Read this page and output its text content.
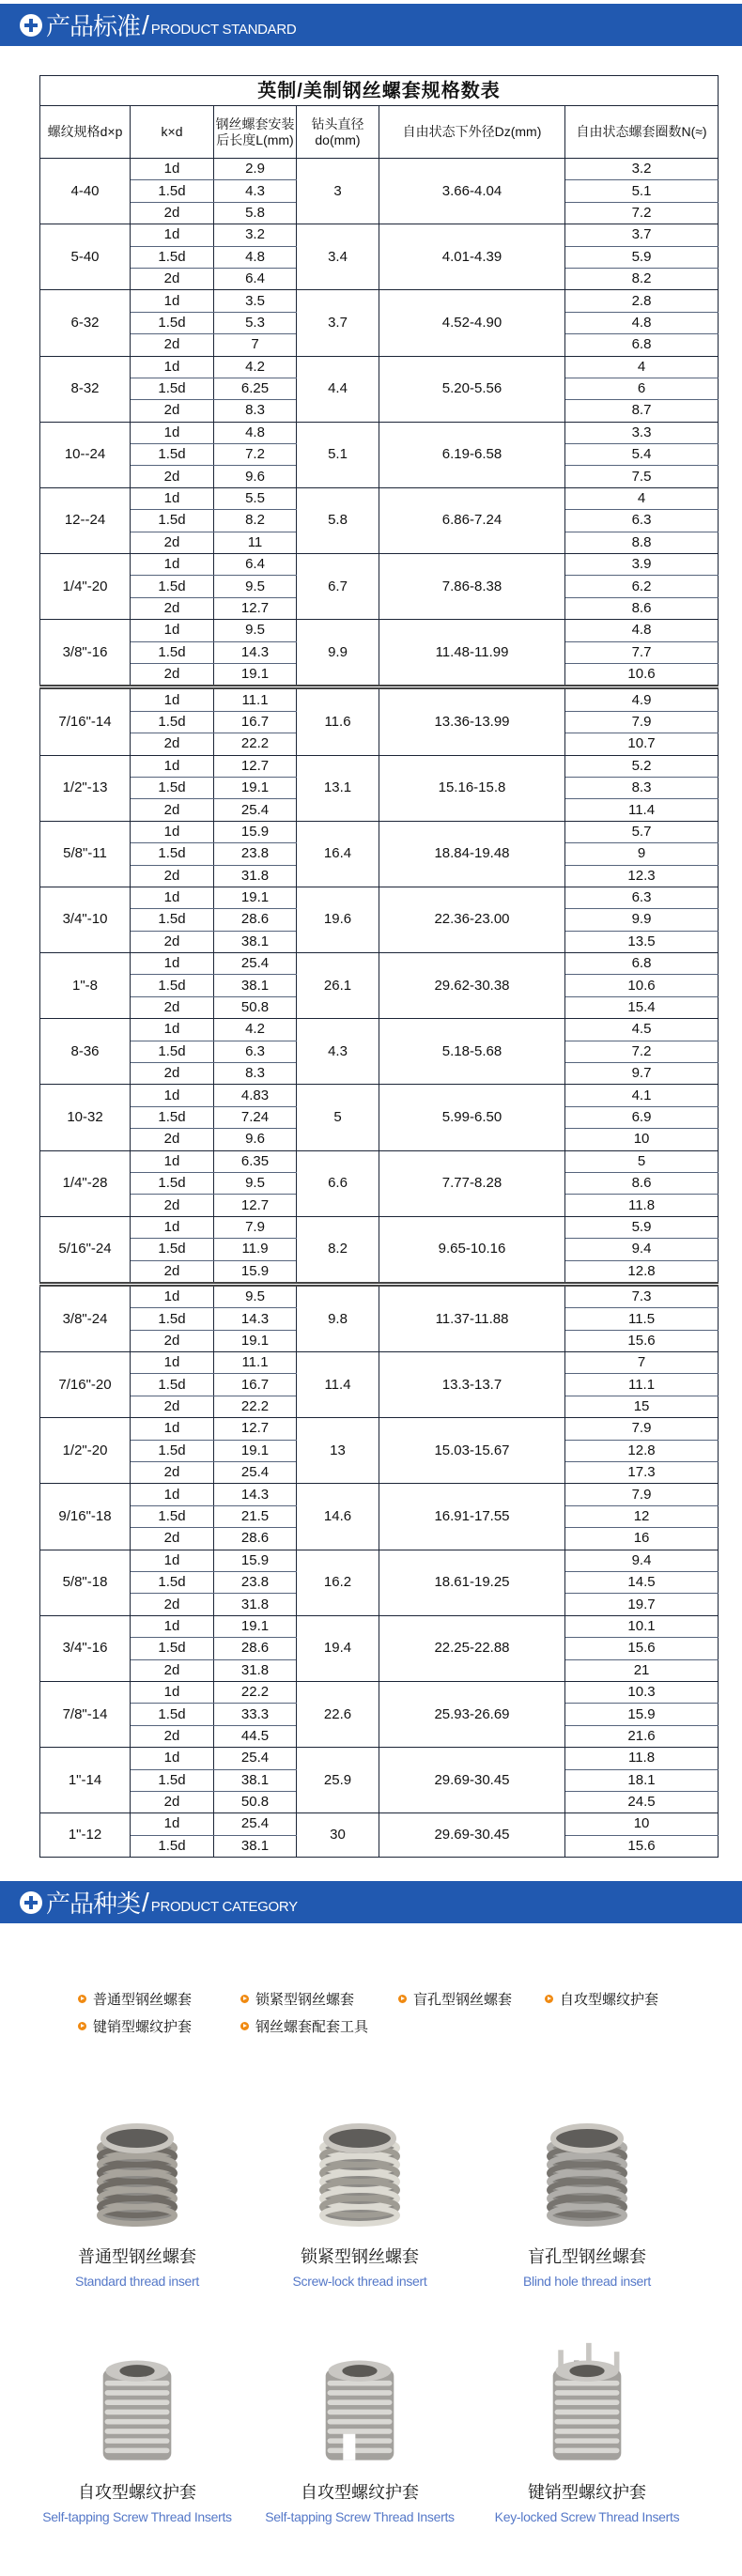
产品标准 / PRODUCT STANDARD
英制/美制钢丝螺套规格数表					
螺纹规格d×p	k×d	钢丝螺套安装后长度L(mm)	钻头直径do(mm)	自由状态下外径Dz(mm)	自由状态螺套圈数N(≈)
4-40	1d	2.9	3	3.66-4.04	3.2
	1.5d	4.3			5.1
	2d	5.8			7.2
5-40	1d	3.2	3.4	4.01-4.39	3.7
	1.5d	4.8			5.9
	2d	6.4			8.2
6-32	1d	3.5	3.7	4.52-4.90	2.8
	1.5d	5.3			4.8
	2d	7			6.8
8-32	1d	4.2	4.4	5.20-5.56	4
	1.5d	6.25			6
	2d	8.3			8.7
10--24	1d	4.8	5.1	6.19-6.58	3.3
	1.5d	7.2			5.4
	2d	9.6			7.5
12--24	1d	5.5	5.8	6.86-7.24	4
	1.5d	8.2			6.3
	2d	11			8.8
1/4"-20	1d	6.4	6.7	7.86-8.38	3.9
	1.5d	9.5			6.2
	2d	12.7			8.6
3/8"-16	1d	9.5	9.9	11.48-11.99	4.8
	1.5d	14.3			7.7
	2d	19.1			10.6
7/16"-14	1d	11.1	11.6	13.36-13.99	4.9
	1.5d	16.7			7.9
	2d	22.2			10.7
1/2"-13	1d	12.7	13.1	15.16-15.8	5.2
	1.5d	19.1			8.3
	2d	25.4			11.4
5/8"-11	1d	15.9	16.4	18.84-19.48	5.7
	1.5d	23.8			9
	2d	31.8			12.3
3/4"-10	1d	19.1	19.6	22.36-23.00	6.3
	1.5d	28.6			9.9
	2d	38.1			13.5
1"-8	1d	25.4	26.1	29.62-30.38	6.8
	1.5d	38.1			10.6
	2d	50.8			15.4
8-36	1d	4.2	4.3	5.18-5.68	4.5
	1.5d	6.3			7.2
	2d	8.3			9.7
10-32	1d	4.83	5	5.99-6.50	4.1
	1.5d	7.24			6.9
	2d	9.6			10
1/4"-28	1d	6.35	6.6	7.77-8.28	5
	1.5d	9.5			8.6
	2d	12.7			11.8
5/16"-24	1d	7.9	8.2	9.65-10.16	5.9
	1.5d	11.9			9.4
	2d	15.9			12.8
3/8"-24	1d	9.5	9.8	11.37-11.88	7.3
	1.5d	14.3			11.5
	2d	19.1			15.6
7/16"-20	1d	11.1	11.4	13.3-13.7	7
	1.5d	16.7			11.1
	2d	22.2			15
1/2"-20	1d	12.7	13	15.03-15.67	7.9
	1.5d	19.1			12.8
	2d	25.4			17.3
9/16"-18	1d	14.3	14.6	16.91-17.55	7.9
	1.5d	21.5			12
	2d	28.6			16
5/8"-18	1d	15.9	16.2	18.61-19.25	9.4
	1.5d	23.8			14.5
	2d	31.8			19.7
3/4"-16	1d	19.1	19.4	22.25-22.88	10.1
	1.5d	28.6			15.6
	2d	31.8			21
7/8"-14	1d	22.2	22.6	25.93-26.69	10.3
	1.5d	33.3			15.9
	2d	44.5			21.6
1"-14	1d	25.4	25.9	29.69-30.45	11.8
	1.5d	38.1			18.1
	2d	50.8			24.5
1"-12	1d	25.4	30	29.69-30.45	10
	1.5d	38.1			15.6
产品种类 / PRODUCT CATEGORY
普通型钢丝螺套	锁紧型钢丝螺套	盲孔型钢丝螺套	自攻型螺纹护套
键销型螺纹护套	钢丝螺套配套工具
普通型钢丝螺套
Standard thread insert
锁紧型钢丝螺套
Screw-lock thread insert
盲孔型钢丝螺套
Blind hole thread insert
自攻型螺纹护套
Self-tapping Screw Thread Inserts
自攻型螺纹护套
Self-tapping Screw Thread Inserts
键销型螺纹护套
Key-locked Screw Thread Inserts
